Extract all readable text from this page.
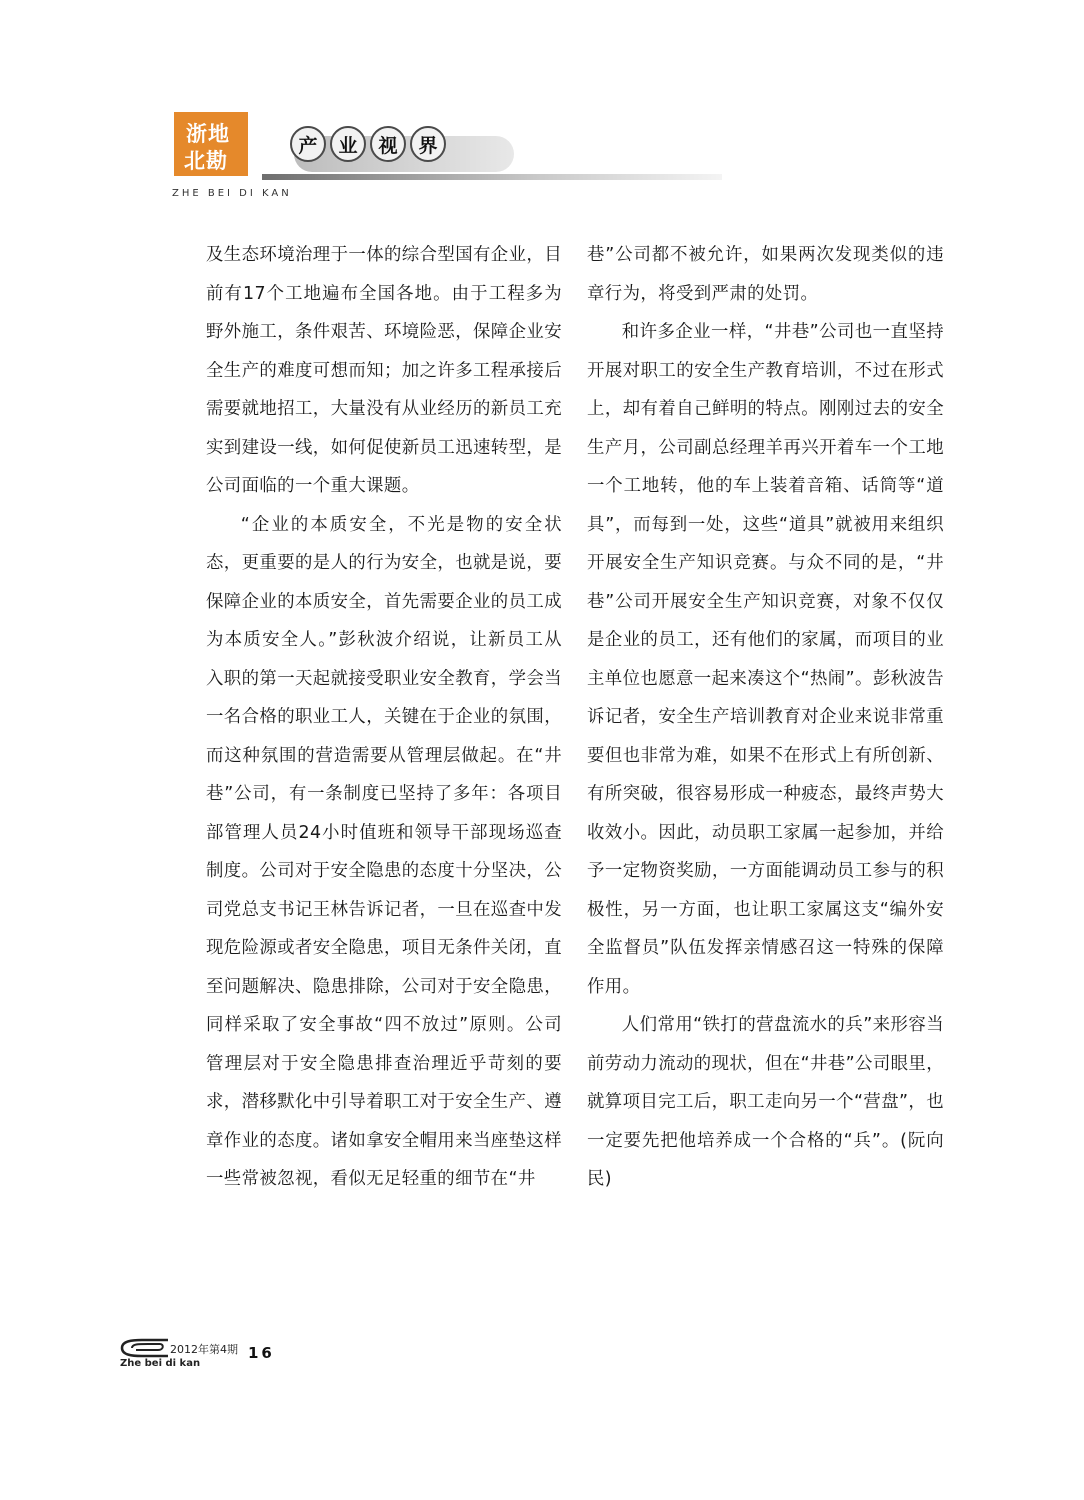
浙地
北勘
ZHE BEI DI KAN
产	业	视	界

及生态环境治理于一体的综合型国有企业，目前有17个工地遍布全国各地。由于工程多为野外施工，条件艰苦、环境险恶，保障企业安全生产的难度可想而知；加之许多工程承接后需要就地招工，大量没有从业经历的新员工充实到建设一线，如何促使新员工迅速转型，是公司面临的一个重大课题。

“企业的本质安全，不光是物的安全状态，更重要的是人的行为安全，也就是说，要保障企业的本质安全，首先需要企业的员工成为本质安全人。”彭秋波介绍说，让新员工从入职的第一天起就接受职业安全教育，学会当一名合格的职业工人，关键在于企业的氛围，而这种氛围的营造需要从管理层做起。在“井巷”公司，有一条制度已坚持了多年：各项目部管理人员24小时值班和领导干部现场巡查制度。公司对于安全隐患的态度十分坚决，公司党总支书记王林告诉记者，一旦在巡查中发现危险源或者安全隐患，项目无条件关闭，直至问题解决、隐患排除，公司对于安全隐患，同样采取了安全事故“四不放过”原则。公司管理层对于安全隐患排查治理近乎苛刻的要求，潜移默化中引导着职工对于安全生产、遵章作业的态度。诸如拿安全帽用来当座垫这样一些常被忽视，看似无足轻重的细节在“井

巷”公司都不被允许，如果两次发现类似的违章行为，将受到严肃的处罚。

和许多企业一样，“井巷”公司也一直坚持开展对职工的安全生产教育培训，不过在形式上，却有着自己鲜明的特点。刚刚过去的安全生产月，公司副总经理羊再兴开着车一个工地一个工地转，他的车上装着音箱、话筒等“道具”，而每到一处，这些“道具”就被用来组织开展安全生产知识竞赛。与众不同的是，“井巷”公司开展安全生产知识竞赛，对象不仅仅是企业的员工，还有他们的家属，而项目的业主单位也愿意一起来凑这个“热闹”。彭秋波告诉记者，安全生产培训教育对企业来说非常重要但也非常为难，如果不在形式上有所创新、有所突破，很容易形成一种疲态，最终声势大收效小。因此，动员职工家属一起参加，并给予一定物资奖励，一方面能调动员工参与的积极性，另一方面，也让职工家属这支“编外安全监督员”队伍发挥亲情感召这一特殊的保障作用。

人们常用“铁打的营盘流水的兵”来形容当前劳动力流动的现状，但在“井巷”公司眼里，就算项目完工后，职工走向另一个“营盘”，也一定要先把他培养成一个合格的“兵”。(阮向民)

2012年第4期
Zhe bei di kan
16
